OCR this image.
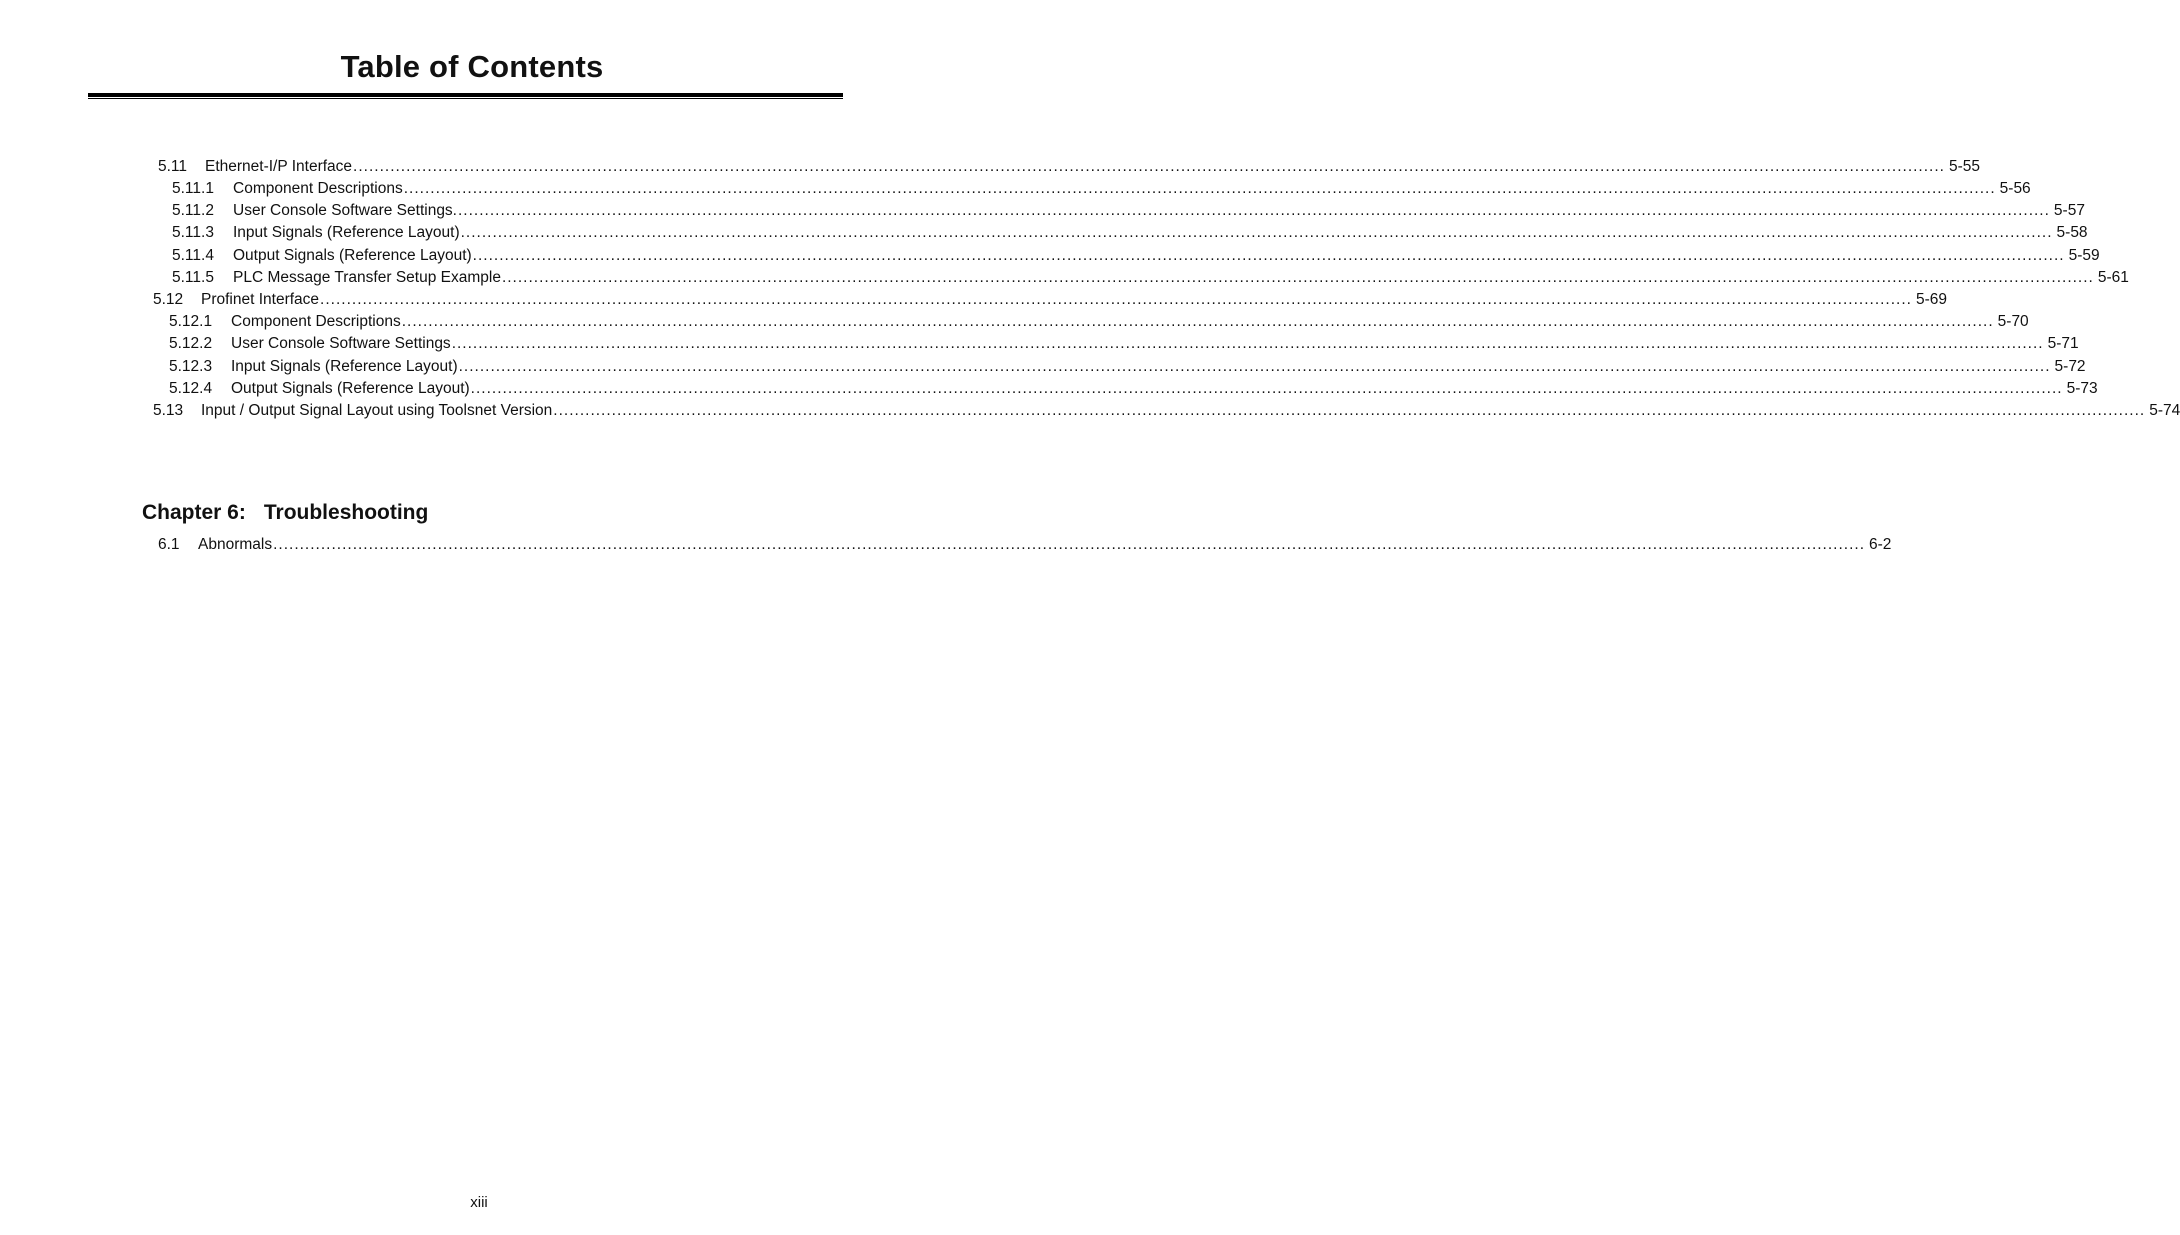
Table of Contents
5.11	Ethernet-I/P Interface ............................................................................................................................................................................................................................................................................................................ 5-55
5.11.1	Component Descriptions ............................................................................................................................................................................................................................................................................................................ 5-56
5.11.2	User Console Software Settings. ............................................................................................................................................................................................................................................................................................................ 5-57
5.11.3	Input Signals (Reference Layout) ............................................................................................................................................................................................................................................................................................................ 5-58
5.11.4	Output Signals (Reference Layout) ............................................................................................................................................................................................................................................................................................................ 5-59
5.11.5	PLC Message Transfer Setup Example ............................................................................................................................................................................................................................................................................................................ 5-61
5.12	Profinet Interface ............................................................................................................................................................................................................................................................................................................ 5-69
5.12.1	Component Descriptions ............................................................................................................................................................................................................................................................................................................ 5-70
5.12.2	User Console Software Settings ............................................................................................................................................................................................................................................................................................................ 5-71
5.12.3	Input Signals (Reference Layout) ............................................................................................................................................................................................................................................................................................................ 5-72
5.12.4	Output Signals (Reference Layout) ............................................................................................................................................................................................................................................................................................................ 5-73
5.13	Input / Output Signal Layout using Toolsnet Version ............................................................................................................................................................................................................................................................................................................ 5-74
Chapter 6: Troubleshooting
6.1	Abnormals ............................................................................................................................................................................................................................................................................................................ 6-2
xiii
